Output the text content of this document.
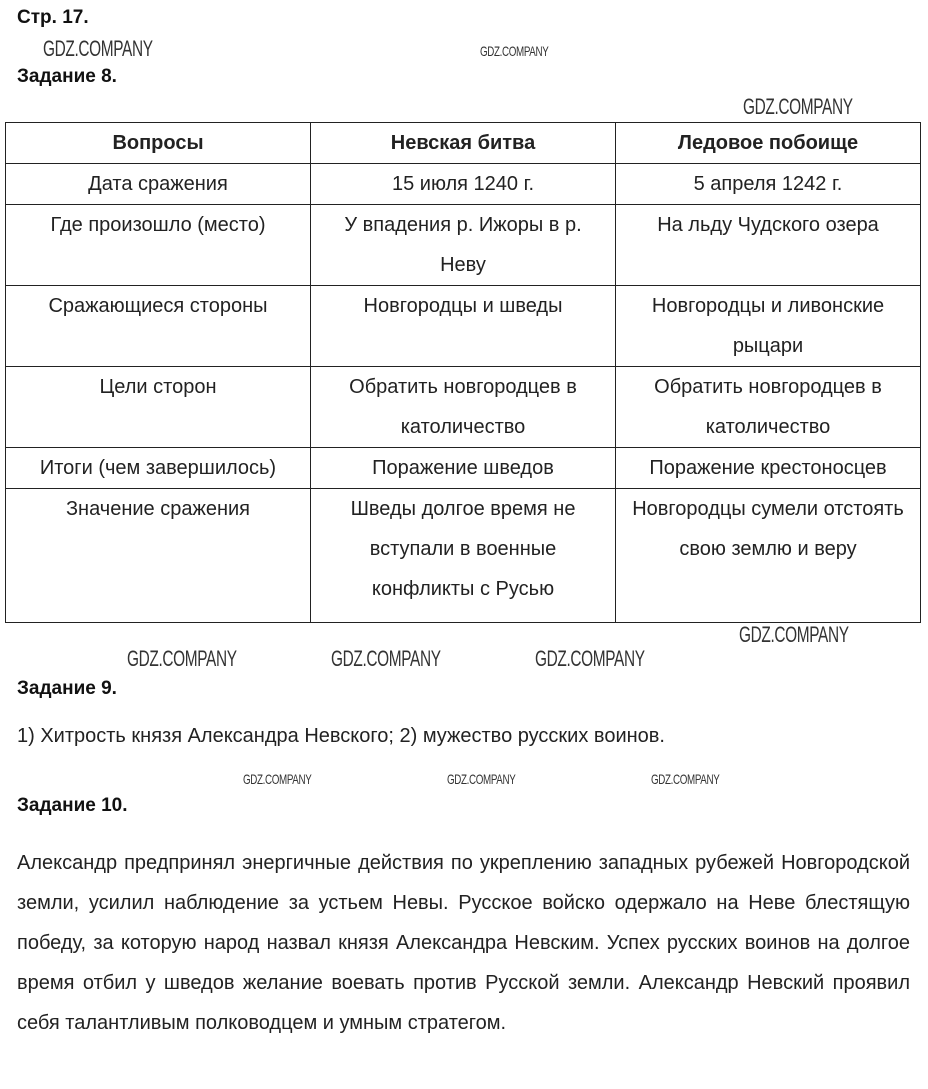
Стр. 17.
Задание 8.
Вопросы	Невская битва	Ледовое побоище
Дата сражения	15 июля 1240 г.	5 апреля 1242 г.
Где произошло (место)	У впадения р. Ижоры в р. Неву	На льду Чудского озера
Сражающиеся стороны	Новгородцы и шведы	Новгородцы и ливонские рыцари
Цели сторон	Обратить новгородцев в католичество	Обратить новгородцев в католичество
Итоги (чем завершилось)	Поражение шведов	Поражение крестоносцев
Значение сражения	Шведы долгое время не вступали в военные конфликты с Русью	Новгородцы сумели отстоять свою землю и веру
Задание 9.
1) Хитрость князя Александра Невского; 2) мужество русских воинов.
Задание 10.
Александр предпринял энергичные действия по укреплению западных рубежей Новгородской земли, усилил наблюдение за устьем Невы. Русское войско одержало на Неве блестящую победу, за которую народ назвал князя Александра Невским. Успех русских воинов на долгое время отбил у шведов желание воевать против Русской земли. Александр Невский проявил себя талантливым полководцем и умным стратегом.
GDZ.COMPANY	GDZ.COMPANY
GDZ.COMPANY
GDZ.COMPANY
GDZ.COMPANY	GDZ.COMPANY	GDZ.COMPANY
GDZ.COMPANY	GDZ.COMPANY	GDZ.COMPANY
